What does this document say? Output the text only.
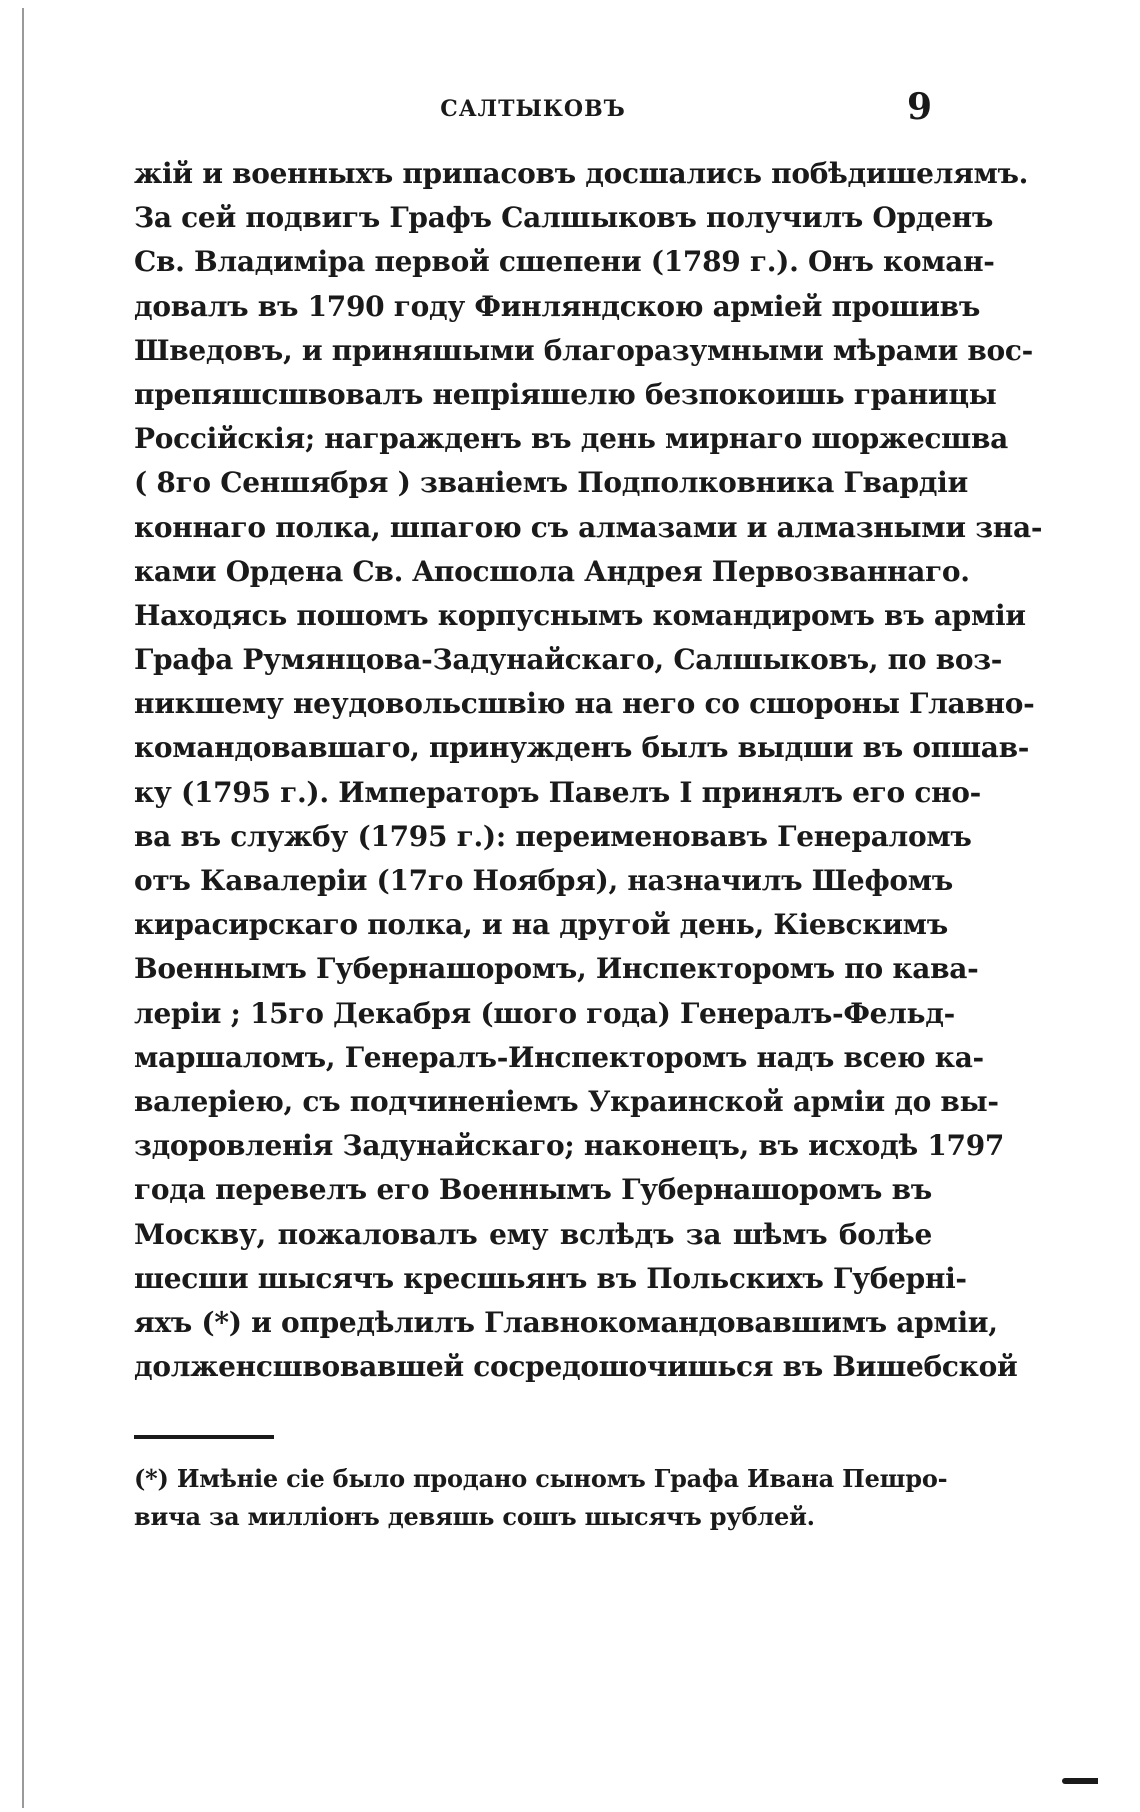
САЛТЫКОВЪ	9
жій и военныхъ припасовъ досшались побѣдишелямъ.
За сей подвигъ Графъ Салшыковъ получилъ Орденъ
Св. Владиміра первой сшепени (1789 г.). Онъ коман-
довалъ въ 1790 году Финляндскою арміей прошивъ
Шведовъ, и приняшыми благоразумными мѣрами вос-
препяшсшвовалъ непріяшелю безпокоишь границы
Россійскія; награжденъ въ день мирнаго шоржесшва
( 8го Сеншября ) званіемъ Подполковника Гвардіи
коннаго полка, шпагою съ алмазами и алмазными зна-
ками Ордена Св. Aпосшола Андрея Первозваннаго.
Находясь пошомъ корпуснымъ командиромъ въ арміи
Графа Румянцова-Задунайскаго, Салшыковъ, по воз-
никшему неудовольсшвію на него со сшороны Главно-
командовавшаго, принужденъ былъ выдши въ опшав-
ку (1795 г.). Императоръ Павелъ I принялъ его сно-
ва въ службу (1795 г.): переименовавъ Генераломъ
отъ Кавалеріи (17го Ноября), назначилъ Шефомъ
кирасирскаго полка, и на другой день, Кіевскимъ
Военнымъ Губернашоромъ, Инспекторомъ по кава-
леріи ; 15го Декабря (шого года) Генералъ-Фельд-
маршаломъ, Генералъ-Инспекторомъ надъ всею ка-
валеріею, съ подчиненіемъ Украинской арміи до вы-
здоровленія Задунайскаго; наконецъ, въ исходѣ 1797
года перевелъ его Военнымъ Губернашоромъ въ
Москву, пожаловалъ ему вслѣдъ за шѣмъ болѣе
шесши шысячъ кресшьянъ въ Польскихъ Губерні-
яхъ (*) и опредѣлилъ Главнокомандовавшимъ арміи,
долженсшвовавшей сосредошочишься въ Вишебской
(*) Имѣніе сіе было продано сыномъ Графа Ивана Пешро-
вича за милліонъ девяшь сошъ шысячъ рублей.
